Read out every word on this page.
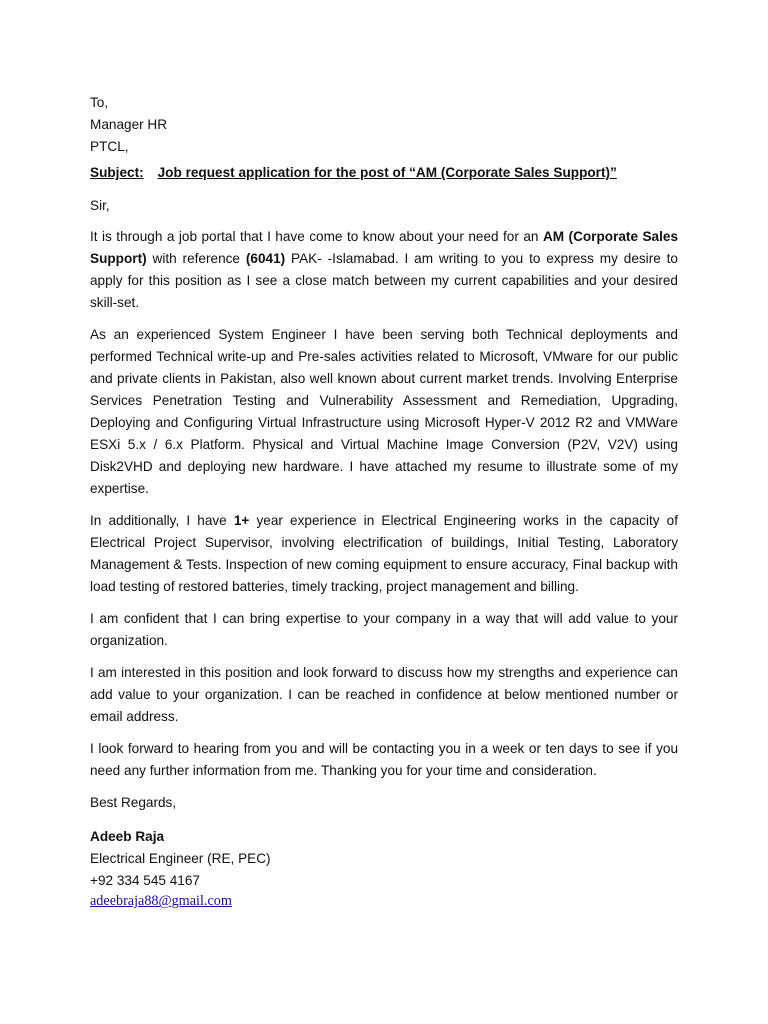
To,

Manager HR

PTCL,

Subject: Job request application for the post of “AM (Corporate Sales Support)”
Sir,

It is through a job portal that I have come to know about your need for an AM (Corporate Sales Support) with reference (6041) PAK- -Islamabad. I am writing to you to express my desire to apply for this position as I see a close match between my current capabilities and your desired skill-set.

As an experienced System Engineer I have been serving both Technical deployments and performed Technical write-up and Pre-sales activities related to Microsoft, VMware for our public and private clients in Pakistan, also well known about current market trends. Involving Enterprise Services Penetration Testing and Vulnerability Assessment and Remediation, Upgrading, Deploying and Configuring Virtual Infrastructure using Microsoft Hyper-V 2012 R2 and VMWare ESXi 5.x / 6.x Platform. Physical and Virtual Machine Image Conversion (P2V, V2V) using Disk2VHD and deploying new hardware. I have attached my resume to illustrate some of my expertise.

In additionally, I have 1+ year experience in Electrical Engineering works in the capacity of Electrical Project Supervisor, involving electrification of buildings, Initial Testing, Laboratory Management & Tests. Inspection of new coming equipment to ensure accuracy, Final backup with load testing of restored batteries, timely tracking, project management and billing.

I am confident that I can bring expertise to your company in a way that will add value to your organization.

I am interested in this position and look forward to discuss how my strengths and experience can add value to your organization. I can be reached in confidence at below mentioned number or email address.

I look forward to hearing from you and will be contacting you in a week or ten days to see if you need any further information from me. Thanking you for your time and consideration.

Best Regards,
Adeeb Raja
Electrical Engineer (RE, PEC)
+92 334 545 4167
adeebraja88@gmail.com
